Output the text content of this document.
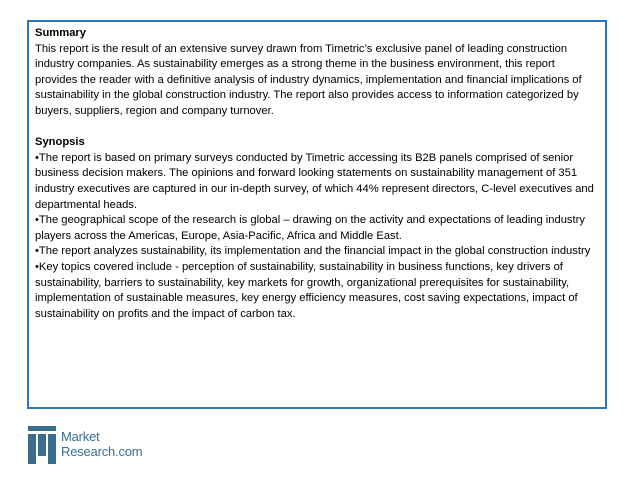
Summary
This report is the result of an extensive survey drawn from Timetric’s exclusive panel of leading construction industry companies. As sustainability emerges as a strong theme in the business environment, this report provides the reader with a definitive analysis of industry dynamics, implementation and financial implications of sustainability in the global construction industry. The report also provides access to information categorized by buyers, suppliers, region and company turnover.
Synopsis
•The report is based on primary surveys conducted by Timetric accessing its B2B panels comprised of senior business decision makers. The opinions and forward looking statements on sustainability management of 351 industry executives are captured in our in-depth survey, of which 44% represent directors, C-level executives and departmental heads.
•The geographical scope of the research is global – drawing on the activity and expectations of leading industry players across the Americas, Europe, Asia-Pacific, Africa and Middle East.
•The report analyzes sustainability, its implementation and the financial impact in the global construction industry
•Key topics covered include - perception of sustainability, sustainability in business functions, key drivers of sustainability, barriers to sustainability, key markets for growth, organizational prerequisites for sustainability, implementation of sustainable measures, key energy efficiency measures, cost saving expectations, impact of sustainability on profits and the impact of carbon tax.
Market
Research.com
